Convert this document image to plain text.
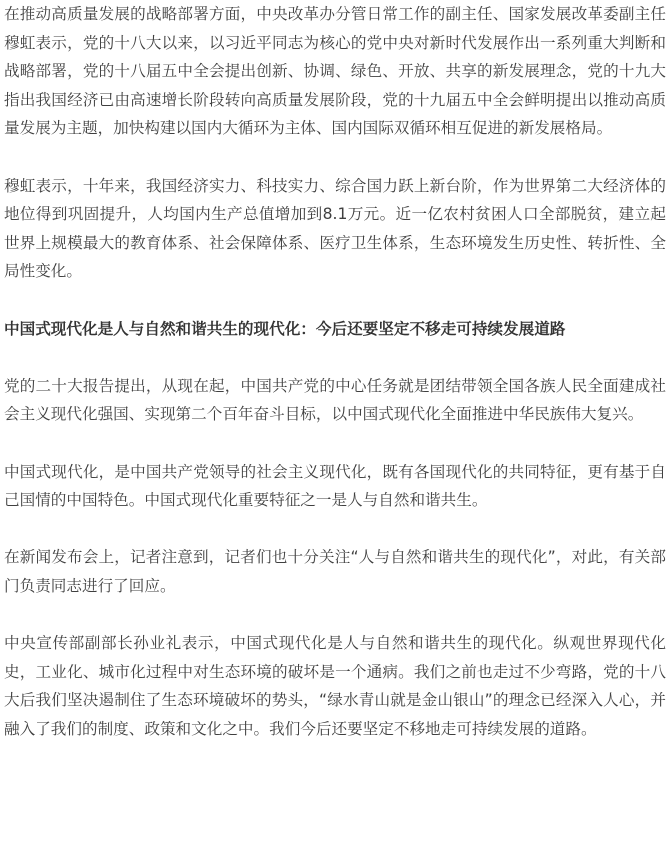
在推动高质量发展的战略部署方面，中央改革办分管日常工作的副主任、国家发展改革委副主任穆虹表示，党的十八大以来，以习近平同志为核心的党中央对新时代发展作出一系列重大判断和战略部署，党的十八届五中全会提出创新、协调、绿色、开放、共享的新发展理念，党的十九大指出我国经济已由高速增长阶段转向高质量发展阶段，党的十九届五中全会鲜明提出以推动高质量发展为主题，加快构建以国内大循环为主体、国内国际双循环相互促进的新发展格局。

穆虹表示，十年来，我国经济实力、科技实力、综合国力跃上新台阶，作为世界第二大经济体的地位得到巩固提升，人均国内生产总值增加到8.1万元。近一亿农村贫困人口全部脱贫，建立起世界上规模最大的教育体系、社会保障体系、医疗卫生体系，生态环境发生历史性、转折性、全局性变化。

中国式现代化是人与自然和谐共生的现代化：今后还要坚定不移走可持续发展道路

党的二十大报告提出，从现在起，中国共产党的中心任务就是团结带领全国各族人民全面建成社会主义现代化强国、实现第二个百年奋斗目标，以中国式现代化全面推进中华民族伟大复兴。

中国式现代化，是中国共产党领导的社会主义现代化，既有各国现代化的共同特征，更有基于自己国情的中国特色。中国式现代化重要特征之一是人与自然和谐共生。

在新闻发布会上，记者注意到，记者们也十分关注“人与自然和谐共生的现代化”，对此，有关部门负责同志进行了回应。

中央宣传部副部长孙业礼表示，中国式现代化是人与自然和谐共生的现代化。纵观世界现代化史，工业化、城市化过程中对生态环境的破坏是一个通病。我们之前也走过不少弯路，党的十八大后我们坚决遏制住了生态环境破坏的势头，“绿水青山就是金山银山”的理念已经深入人心，并融入了我们的制度、政策和文化之中。我们今后还要坚定不移地走可持续发展的道路。
